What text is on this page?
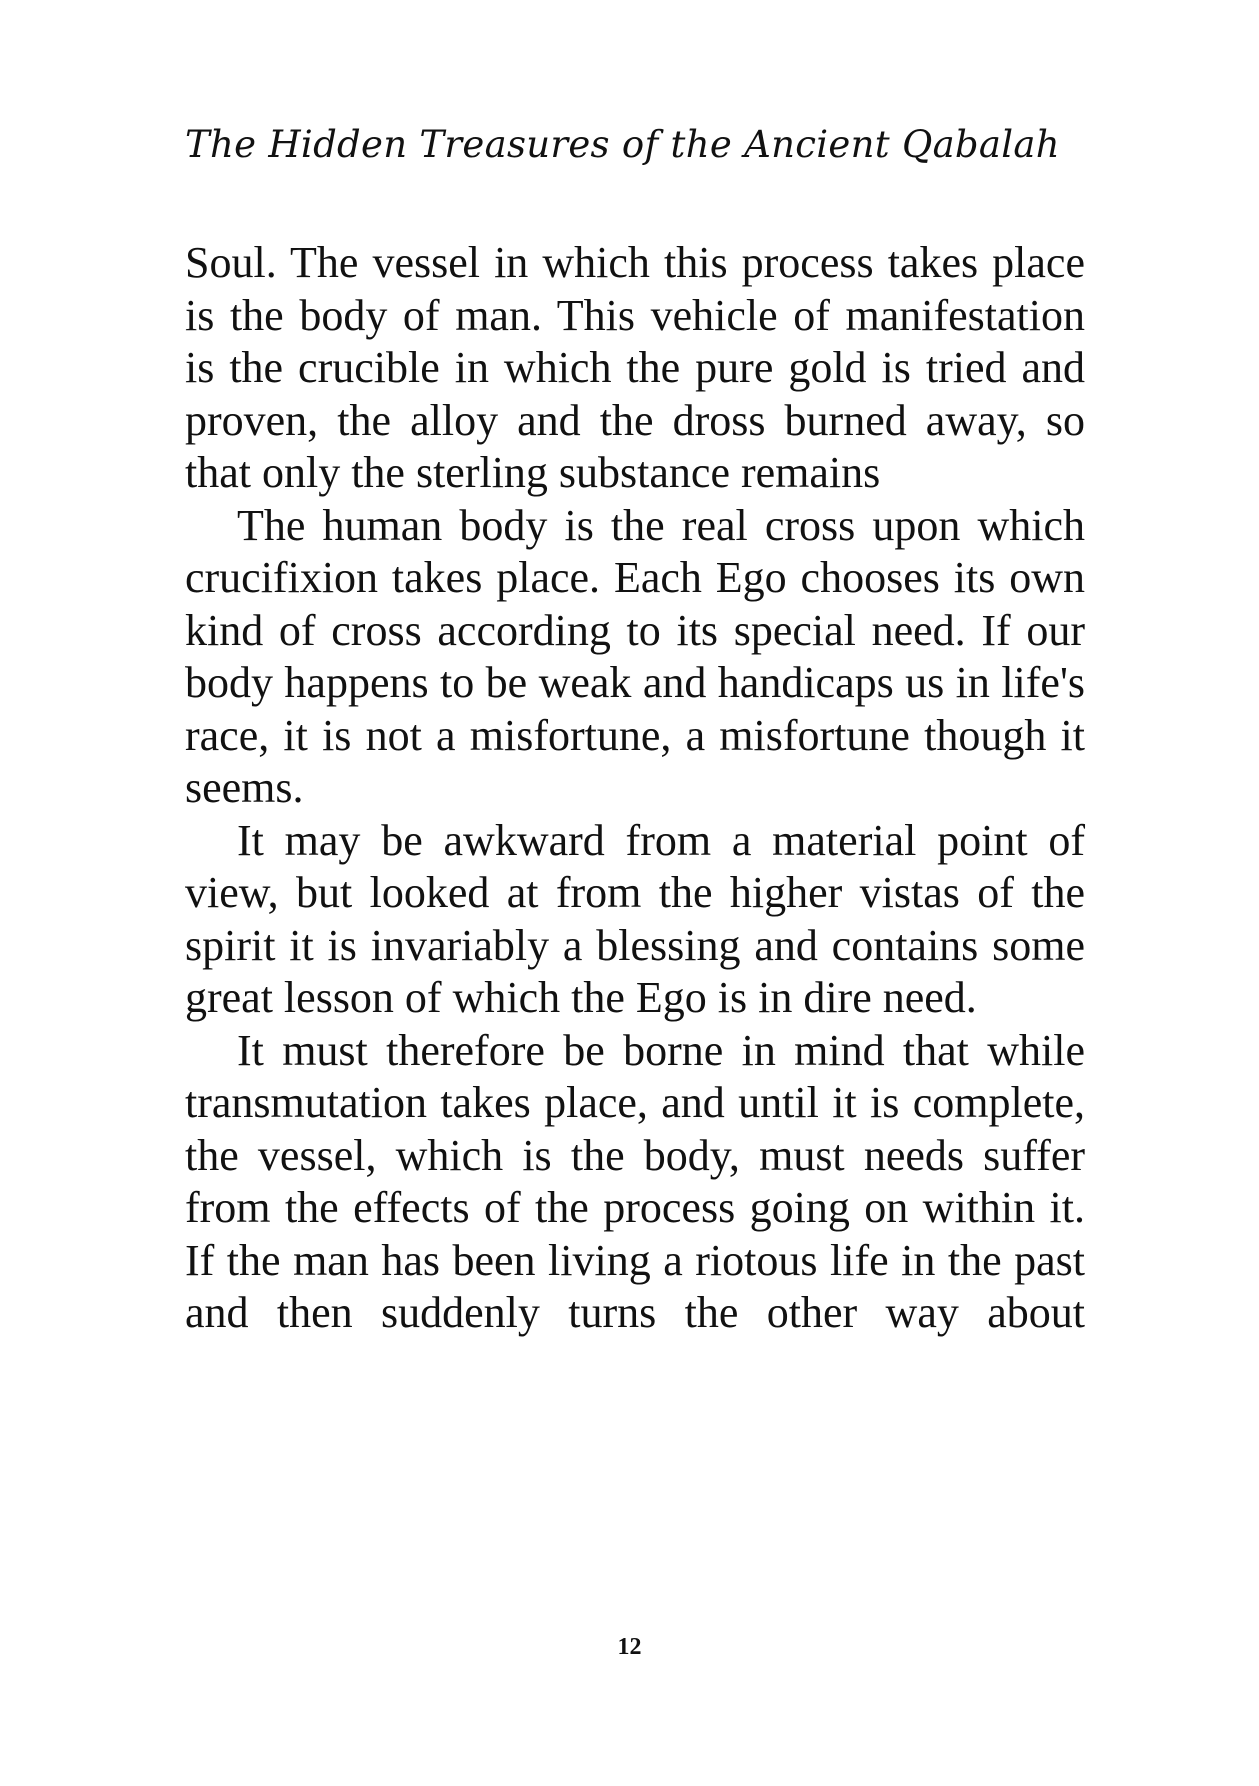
The Hidden Treasures of the Ancient Qabalah

Soul. The vessel in which this process takes place is the body of man. This vehicle of manifestation is the crucible in which the pure gold is tried and proven, the alloy and the dross burned away, so that only the sterling substance remains

The human body is the real cross upon which crucifixion takes place. Each Ego chooses its own kind of cross according to its special need. If our body happens to be weak and handicaps us in life's race, it is not a misfortune, a misfortune though it seems.

It may be awkward from a material point of view, but looked at from the higher vistas of the spirit it is invariably a blessing and contains some great lesson of which the Ego is in dire need.

It must therefore be borne in mind that while transmutation takes place, and until it is complete, the vessel, which is the body, must needs suffer from the effects of the process going on within it. If the man has been living a riotous life in the past and then suddenly turns the other way about

12
